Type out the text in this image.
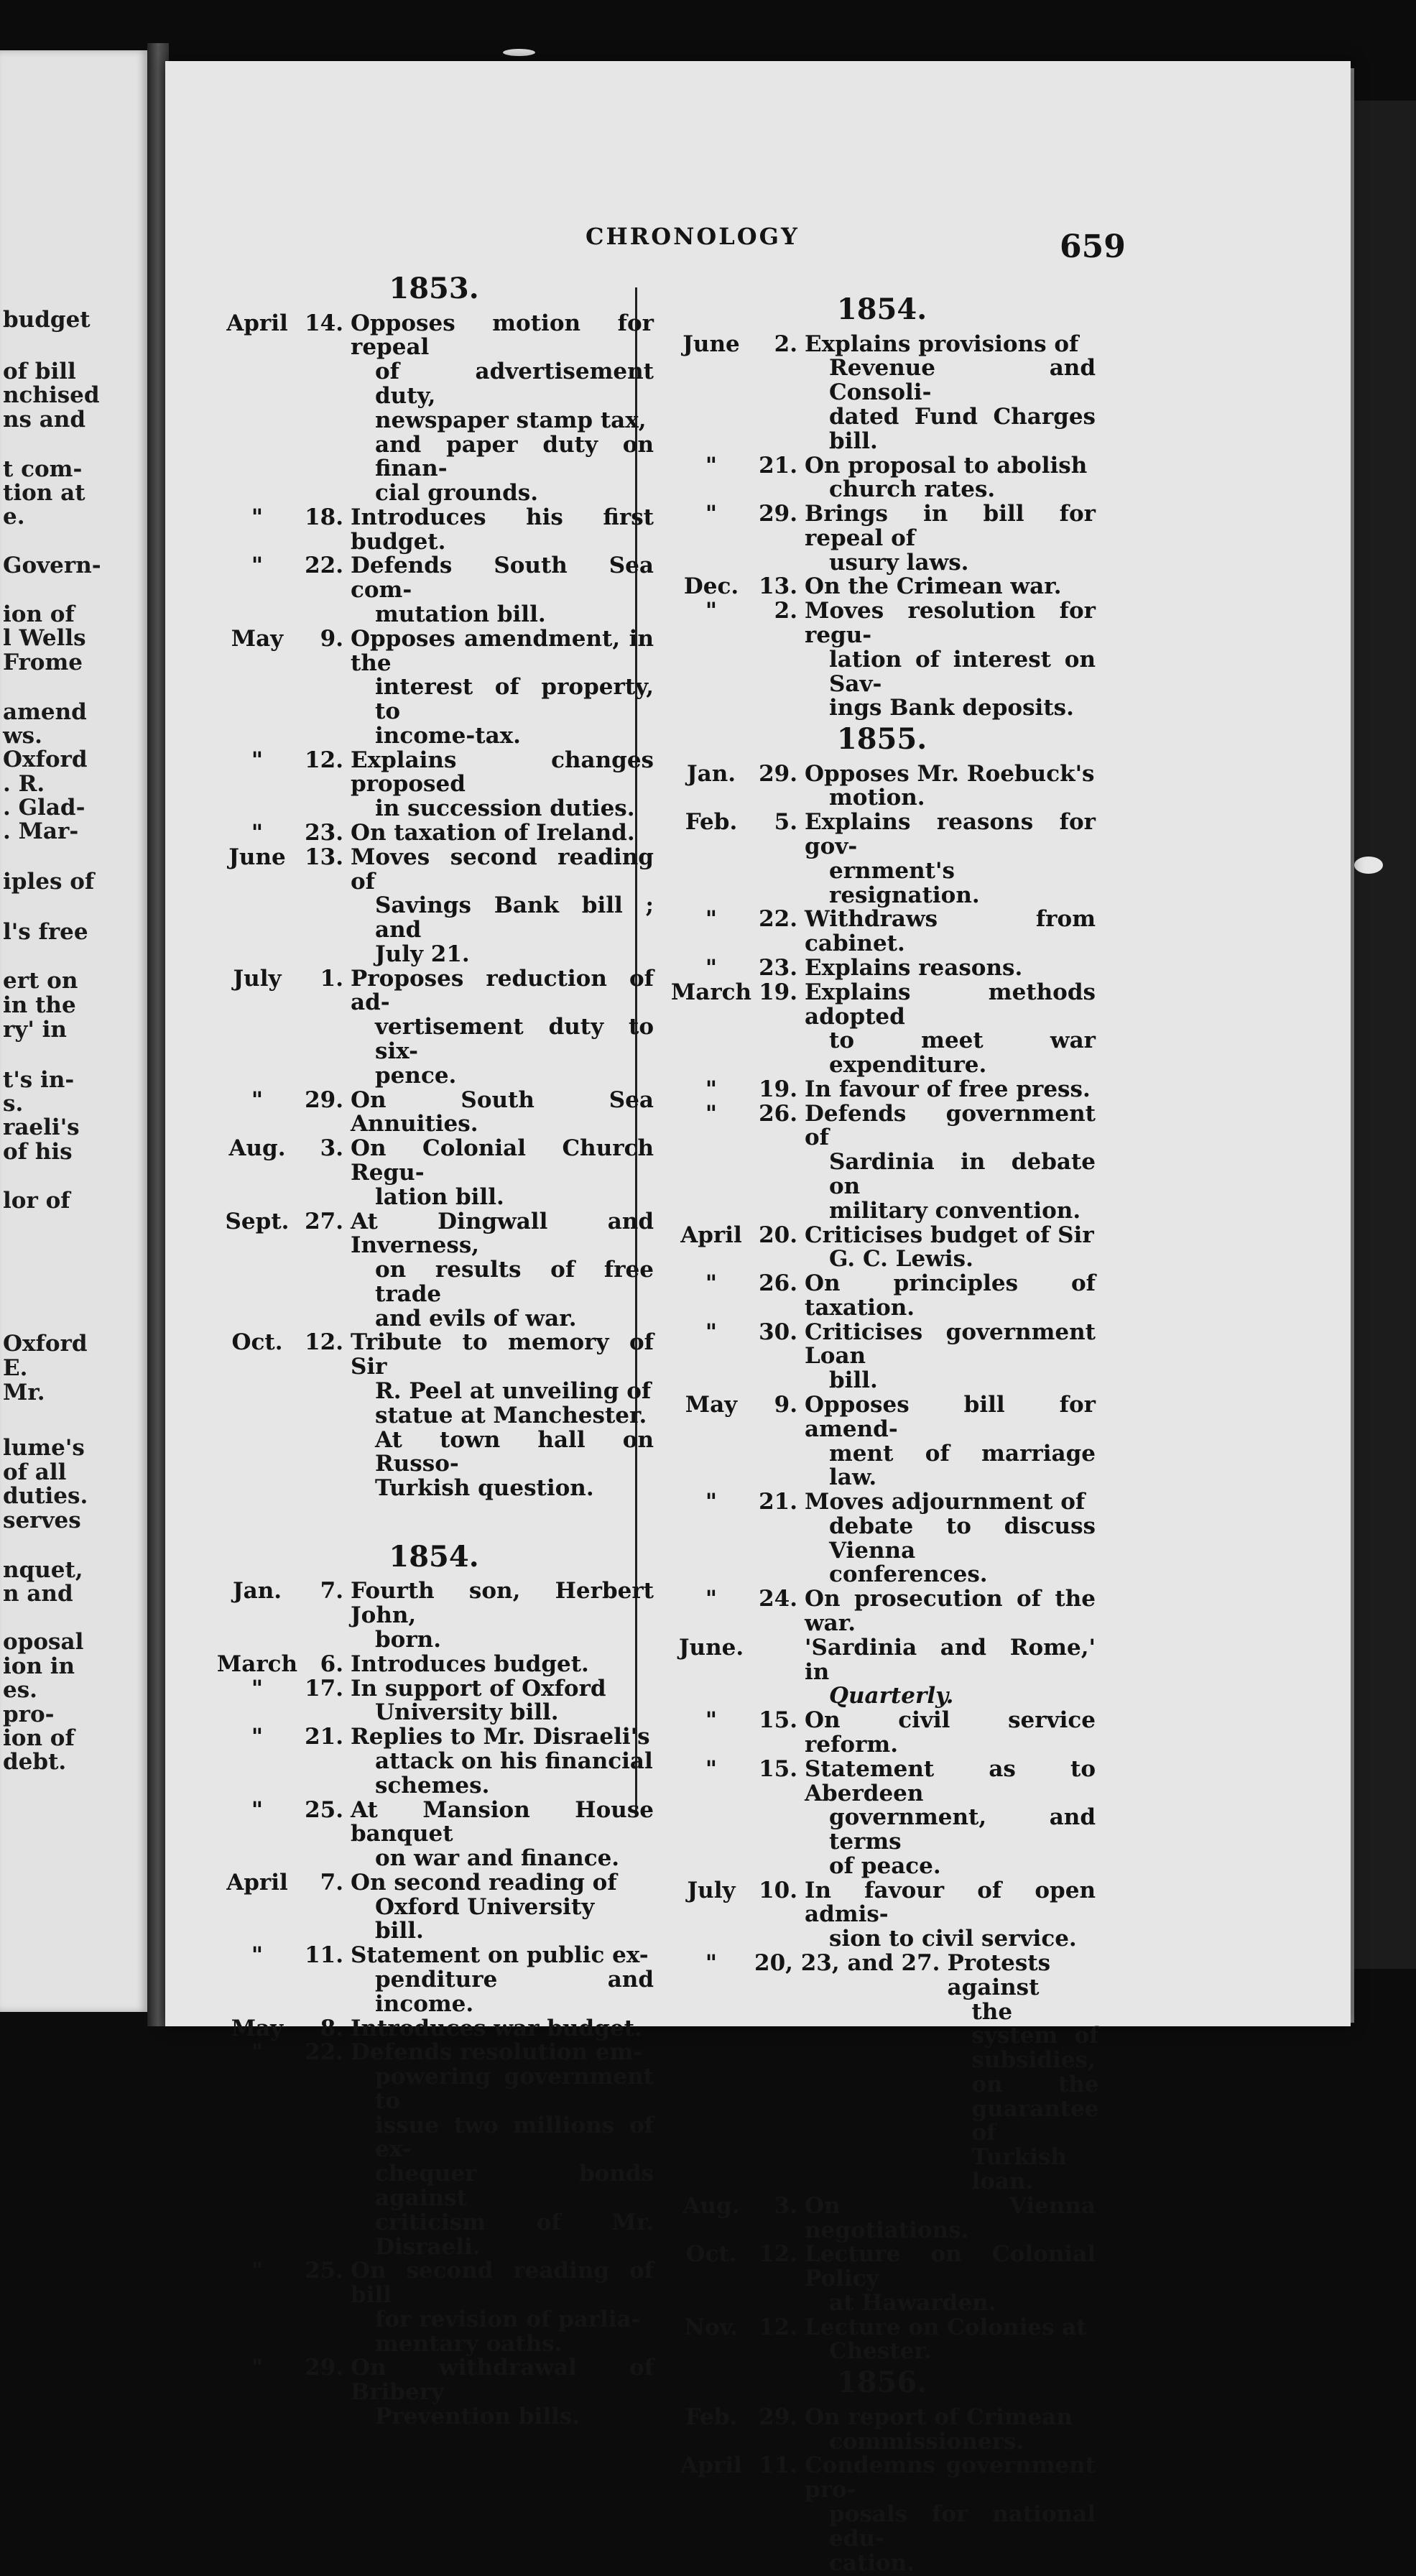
budget
of bill
nchised
ns and
t com-
tion at
e.
Govern-
ion of
l Wells
Frome
amend
ws.
Oxford
. R.
. Glad-
. Mar-
iples of
l's free
ert on
in the
ry' in
t's in-
s.
raeli's
of his
lor of
Oxford
E.
Mr.
lume's
of all
duties.
serves
nquet,
n and
oposal
ion in
es.
pro-
ion of
debt.
CHRONOLOGY	659
1853.
April 14. Opposes motion for repeal
of advertisement duty,
newspaper stamp tax,
and paper duty on finan-
cial grounds.
"	18. Introduces his first budget.
"	22. Defends South Sea com-
mutation bill.
May	9. Opposes amendment, in the
interest of property, to
income-tax.
"	12. Explains changes proposed
in succession duties.
"	23. On taxation of Ireland.
June 13. Moves second reading of
Savings Bank bill ; and
July 21.
July	1. Proposes reduction of ad-
vertisement duty to six-
pence.
"	29. On South Sea Annuities.
Aug.	3. On Colonial Church Regu-
lation bill.
Sept. 27. At Dingwall and Inverness,
on results of free trade
and evils of war.
Oct. 12. Tribute to memory of Sir
R. Peel at unveiling of
statue at Manchester.
At town hall on Russo-
Turkish question.
1854.
Jan.	7. Fourth son, Herbert John,
born.
March	6. Introduces budget.
"	17. In support of Oxford
University bill.
"	21. Replies to Mr. Disraeli's
attack on his financial
schemes.
"	25. At Mansion House banquet
on war and finance.
April	7. On second reading of
Oxford University
bill.
"	11. Statement on public ex-
penditure and income.
May	8. Introduces war budget.
"	22. Defends resolution em-
powering government to
issue two millions of ex-
chequer bonds against
criticism of Mr. Disraeli.
"	25. On second reading of bill
for revision of parlia-
mentary oaths.
"	29. On withdrawal of Bribery
Prevention bills.
1854.
June	2. Explains provisions of
Revenue and Consoli-
dated Fund Charges bill.
"	21. On proposal to abolish
church rates.
"	29. Brings in bill for repeal of
usury laws.
Dec. 13. On the Crimean war.
"	2. Moves resolution for regu-
lation of interest on Sav-
ings Bank deposits.
1855.
Jan.	29. Opposes Mr. Roebuck's
motion.
Feb.	5. Explains reasons for gov-
ernment's resignation.
"	22. Withdraws from cabinet.
"	23. Explains reasons.
March 19. Explains methods adopted
to meet war expenditure.
"	19. In favour of free press.
"	26. Defends government of
Sardinia in debate on
military convention.
April 20. Criticises budget of Sir
G. C. Lewis.
"	26. On principles of taxation.
"	30. Criticises government Loan
bill.
May	9. Opposes bill for amend-
ment of marriage law.
"	21. Moves adjournment of
debate to discuss Vienna
conferences.
"	24. On prosecution of the war.
June.	'Sardinia and Rome,' in
Quarterly.
"	15. On civil service reform.
"	15. Statement as to Aberdeen
government, and terms
of peace.
July	10. In favour of open admis-
sion to civil service.
"	20, 23, and 27. Protests against
the system of subsidies,
on the guarantee of
Turkish loan.
Aug.	3. On Vienna negotiations.
Oct. 12. Lecture on Colonial Policy
at Hawarden.
Nov. 12. Lecture on Colonies at
Chester.
1856.
Feb. 29. On report of Crimean
commissioners.
April 11. Condemns government pro-
posals for national edu-
cation.
